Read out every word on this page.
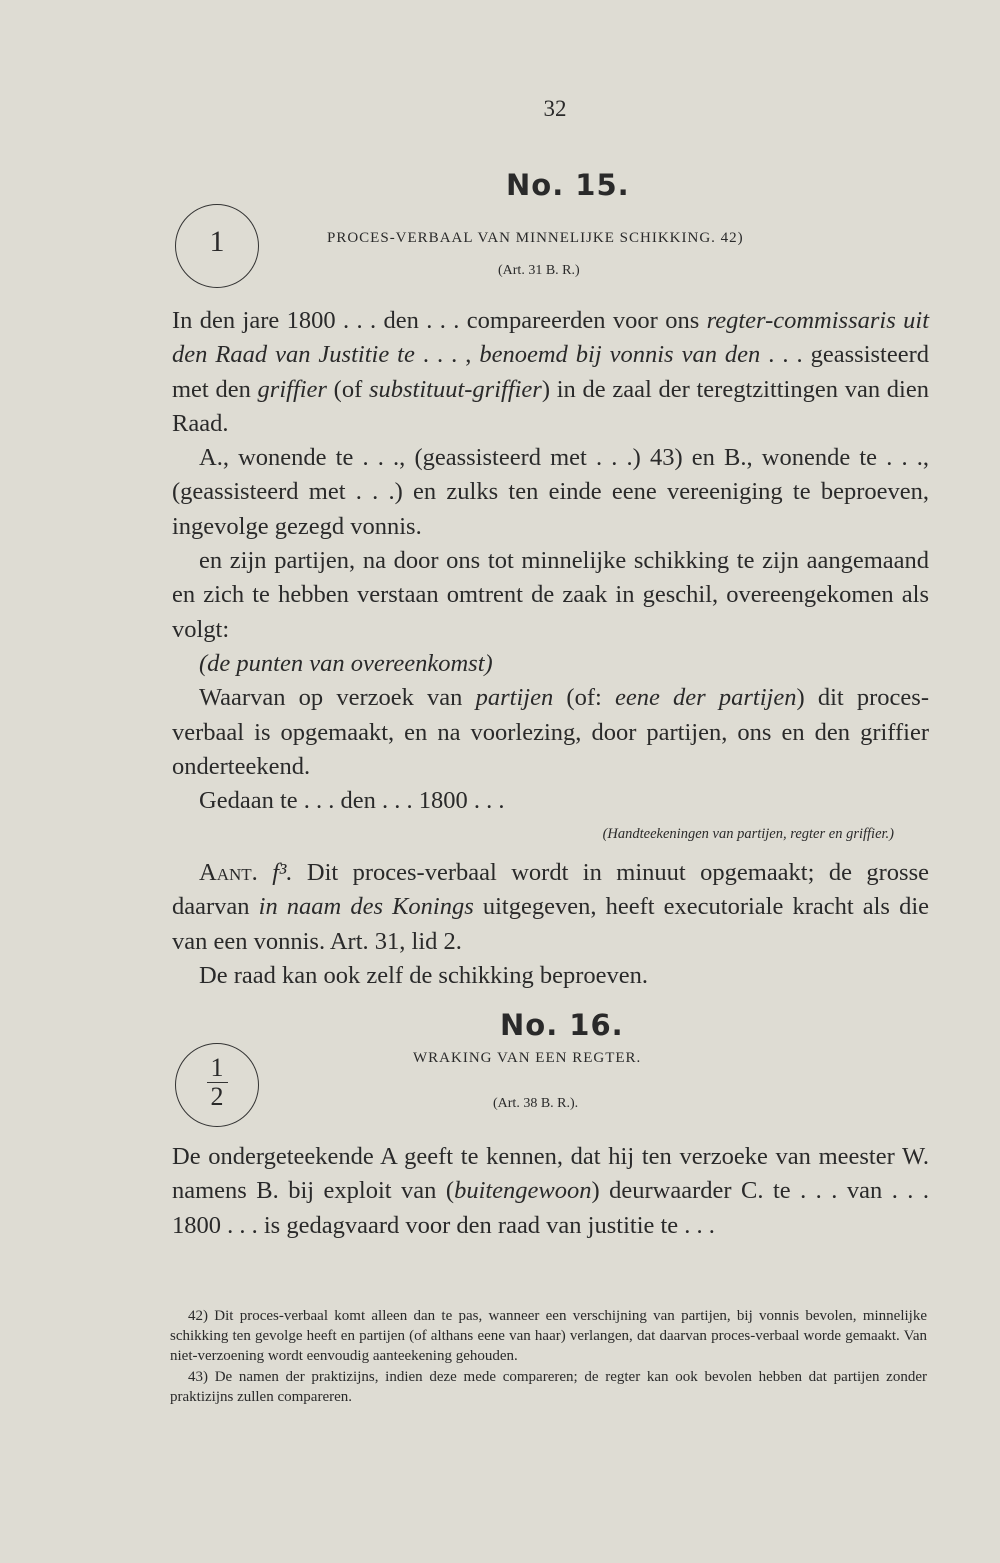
32
No. 15.
1	PROCES-VERBAAL VAN MINNELIJKE SCHIKKING. 42)
(Art. 31 B. R.)

In den jare 1800 . . . den . . . compareerden voor ons regter-commissaris uit den Raad van Justitie te . . . , benoemd bij vonnis van den . . . geassisteerd met den griffier (of substituut-griffier) in de zaal der teregtzittingen van dien Raad.

A., wonende te . . ., (geassisteerd met . . .) 43) en B., wonende te . . ., (geassisteerd met . . .) en zulks ten einde eene vereeniging te beproeven, ingevolge gezegd vonnis.

en zijn partijen, na door ons tot minnelijke schikking te zijn aangemaand en zich te hebben verstaan omtrent de zaak in geschil, overeengekomen als volgt:

(de punten van overeenkomst)

Waarvan op verzoek van partijen (of: eene der partijen) dit proces-verbaal is opgemaakt, en na voorlezing, door partijen, ons en den griffier onderteekend.

Gedaan te . . . den . . . 1800 . . .

(Handteekeningen van partijen, regter en griffier.)

Aant. f³. Dit proces-verbaal wordt in minuut opgemaakt; de grosse daarvan in naam des Konings uitgegeven, heeft executoriale kracht als die van een vonnis. Art. 31, lid 2.

De raad kan ook zelf de schikking beproeven.

No. 16.
$\frac{1}{2}$	WRAKING VAN EEN REGTER.
(Art. 38 B. R.).

De ondergeteekende A geeft te kennen, dat hij ten verzoeke van meester W. namens B. bij exploit van (buitengewoon) deurwaarder C. te . . . van . . . 1800 . . . is gedagvaard voor den raad van justitie te . . .

42) Dit proces-verbaal komt alleen dan te pas, wanneer een verschijning van partijen, bij vonnis bevolen, minnelijke schikking ten gevolge heeft en partijen (of althans eene van haar) verlangen, dat daarvan proces-verbaal worde gemaakt. Van niet-verzoening wordt eenvoudig aanteekening gehouden.

43) De namen der praktizijns, indien deze mede compareren; de regter kan ook bevolen hebben dat partijen zonder praktizijns zullen compareren.
